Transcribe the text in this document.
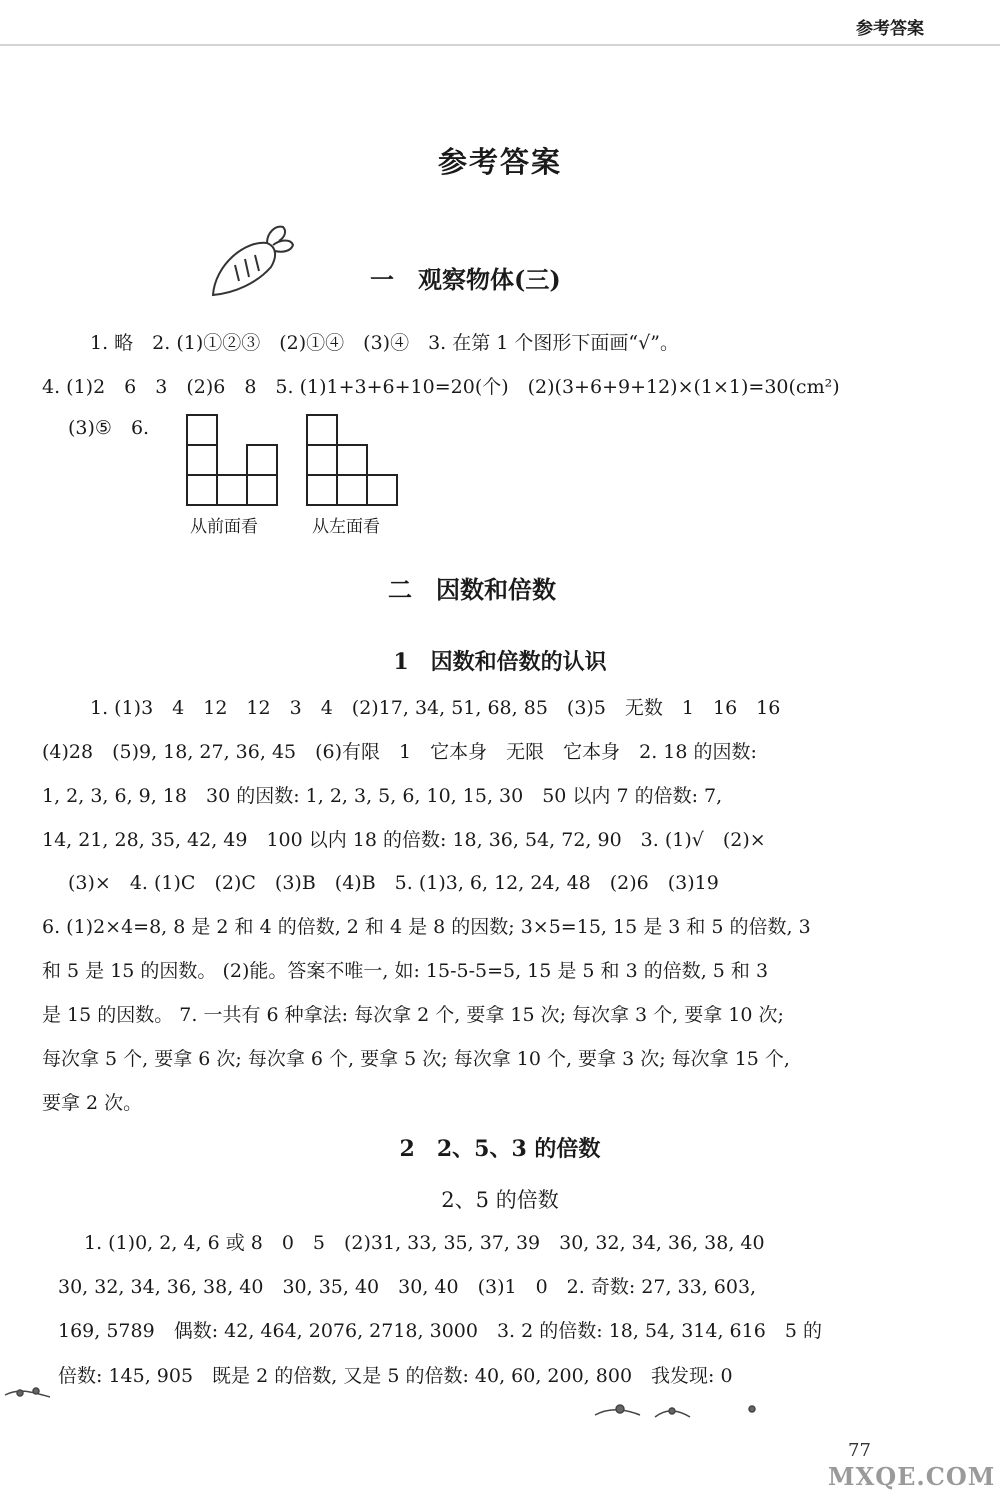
参考答案
参考答案
一　观察物体(三)
1. 略　2. (1)①②③　(2)①④　(3)④　3. 在第 1 个图形下面画“√”。
4. (1)2　6　3　(2)6　8　5. (1)1+3+6+10=20(个)　(2)(3+6+9+12)×(1×1)=30(cm²)
(3)⑤　6.
从前面看	从左面看
二　因数和倍数
1　因数和倍数的认识
1. (1)3　4　12　12　3　4　(2)17, 34, 51, 68, 85　(3)5　无数　1　16　16
(4)28　(5)9, 18, 27, 36, 45　(6)有限　1　它本身　无限　它本身　2. 18 的因数:
1, 2, 3, 6, 9, 18　30 的因数: 1, 2, 3, 5, 6, 10, 15, 30　50 以内 7 的倍数: 7,
14, 21, 28, 35, 42, 49　100 以内 18 的倍数: 18, 36, 54, 72, 90　3. (1)√　(2)×
(3)×　4. (1)C　(2)C　(3)B　(4)B　5. (1)3, 6, 12, 24, 48　(2)6　(3)19
6. (1)2×4=8, 8 是 2 和 4 的倍数, 2 和 4 是 8 的因数; 3×5=15, 15 是 3 和 5 的倍数, 3
和 5 是 15 的因数。 (2)能。答案不唯一, 如: 15-5-5=5, 15 是 5 和 3 的倍数, 5 和 3
是 15 的因数。 7. 一共有 6 种拿法: 每次拿 2 个, 要拿 15 次; 每次拿 3 个, 要拿 10 次;
每次拿 5 个, 要拿 6 次; 每次拿 6 个, 要拿 5 次; 每次拿 10 个, 要拿 3 次; 每次拿 15 个,
要拿 2 次。
2　2、5、3 的倍数
2、5 的倍数
1. (1)0, 2, 4, 6 或 8　0　5　(2)31, 33, 35, 37, 39　30, 32, 34, 36, 38, 40
30, 32, 34, 36, 38, 40　30, 35, 40　30, 40　(3)1　0　2. 奇数: 27, 33, 603,
169, 5789　偶数: 42, 464, 2076, 2718, 3000　3. 2 的倍数: 18, 54, 314, 616　5 的
倍数: 145, 905　既是 2 的倍数, 又是 5 的倍数: 40, 60, 200, 800　我发现: 0
77
MXQE.COM
